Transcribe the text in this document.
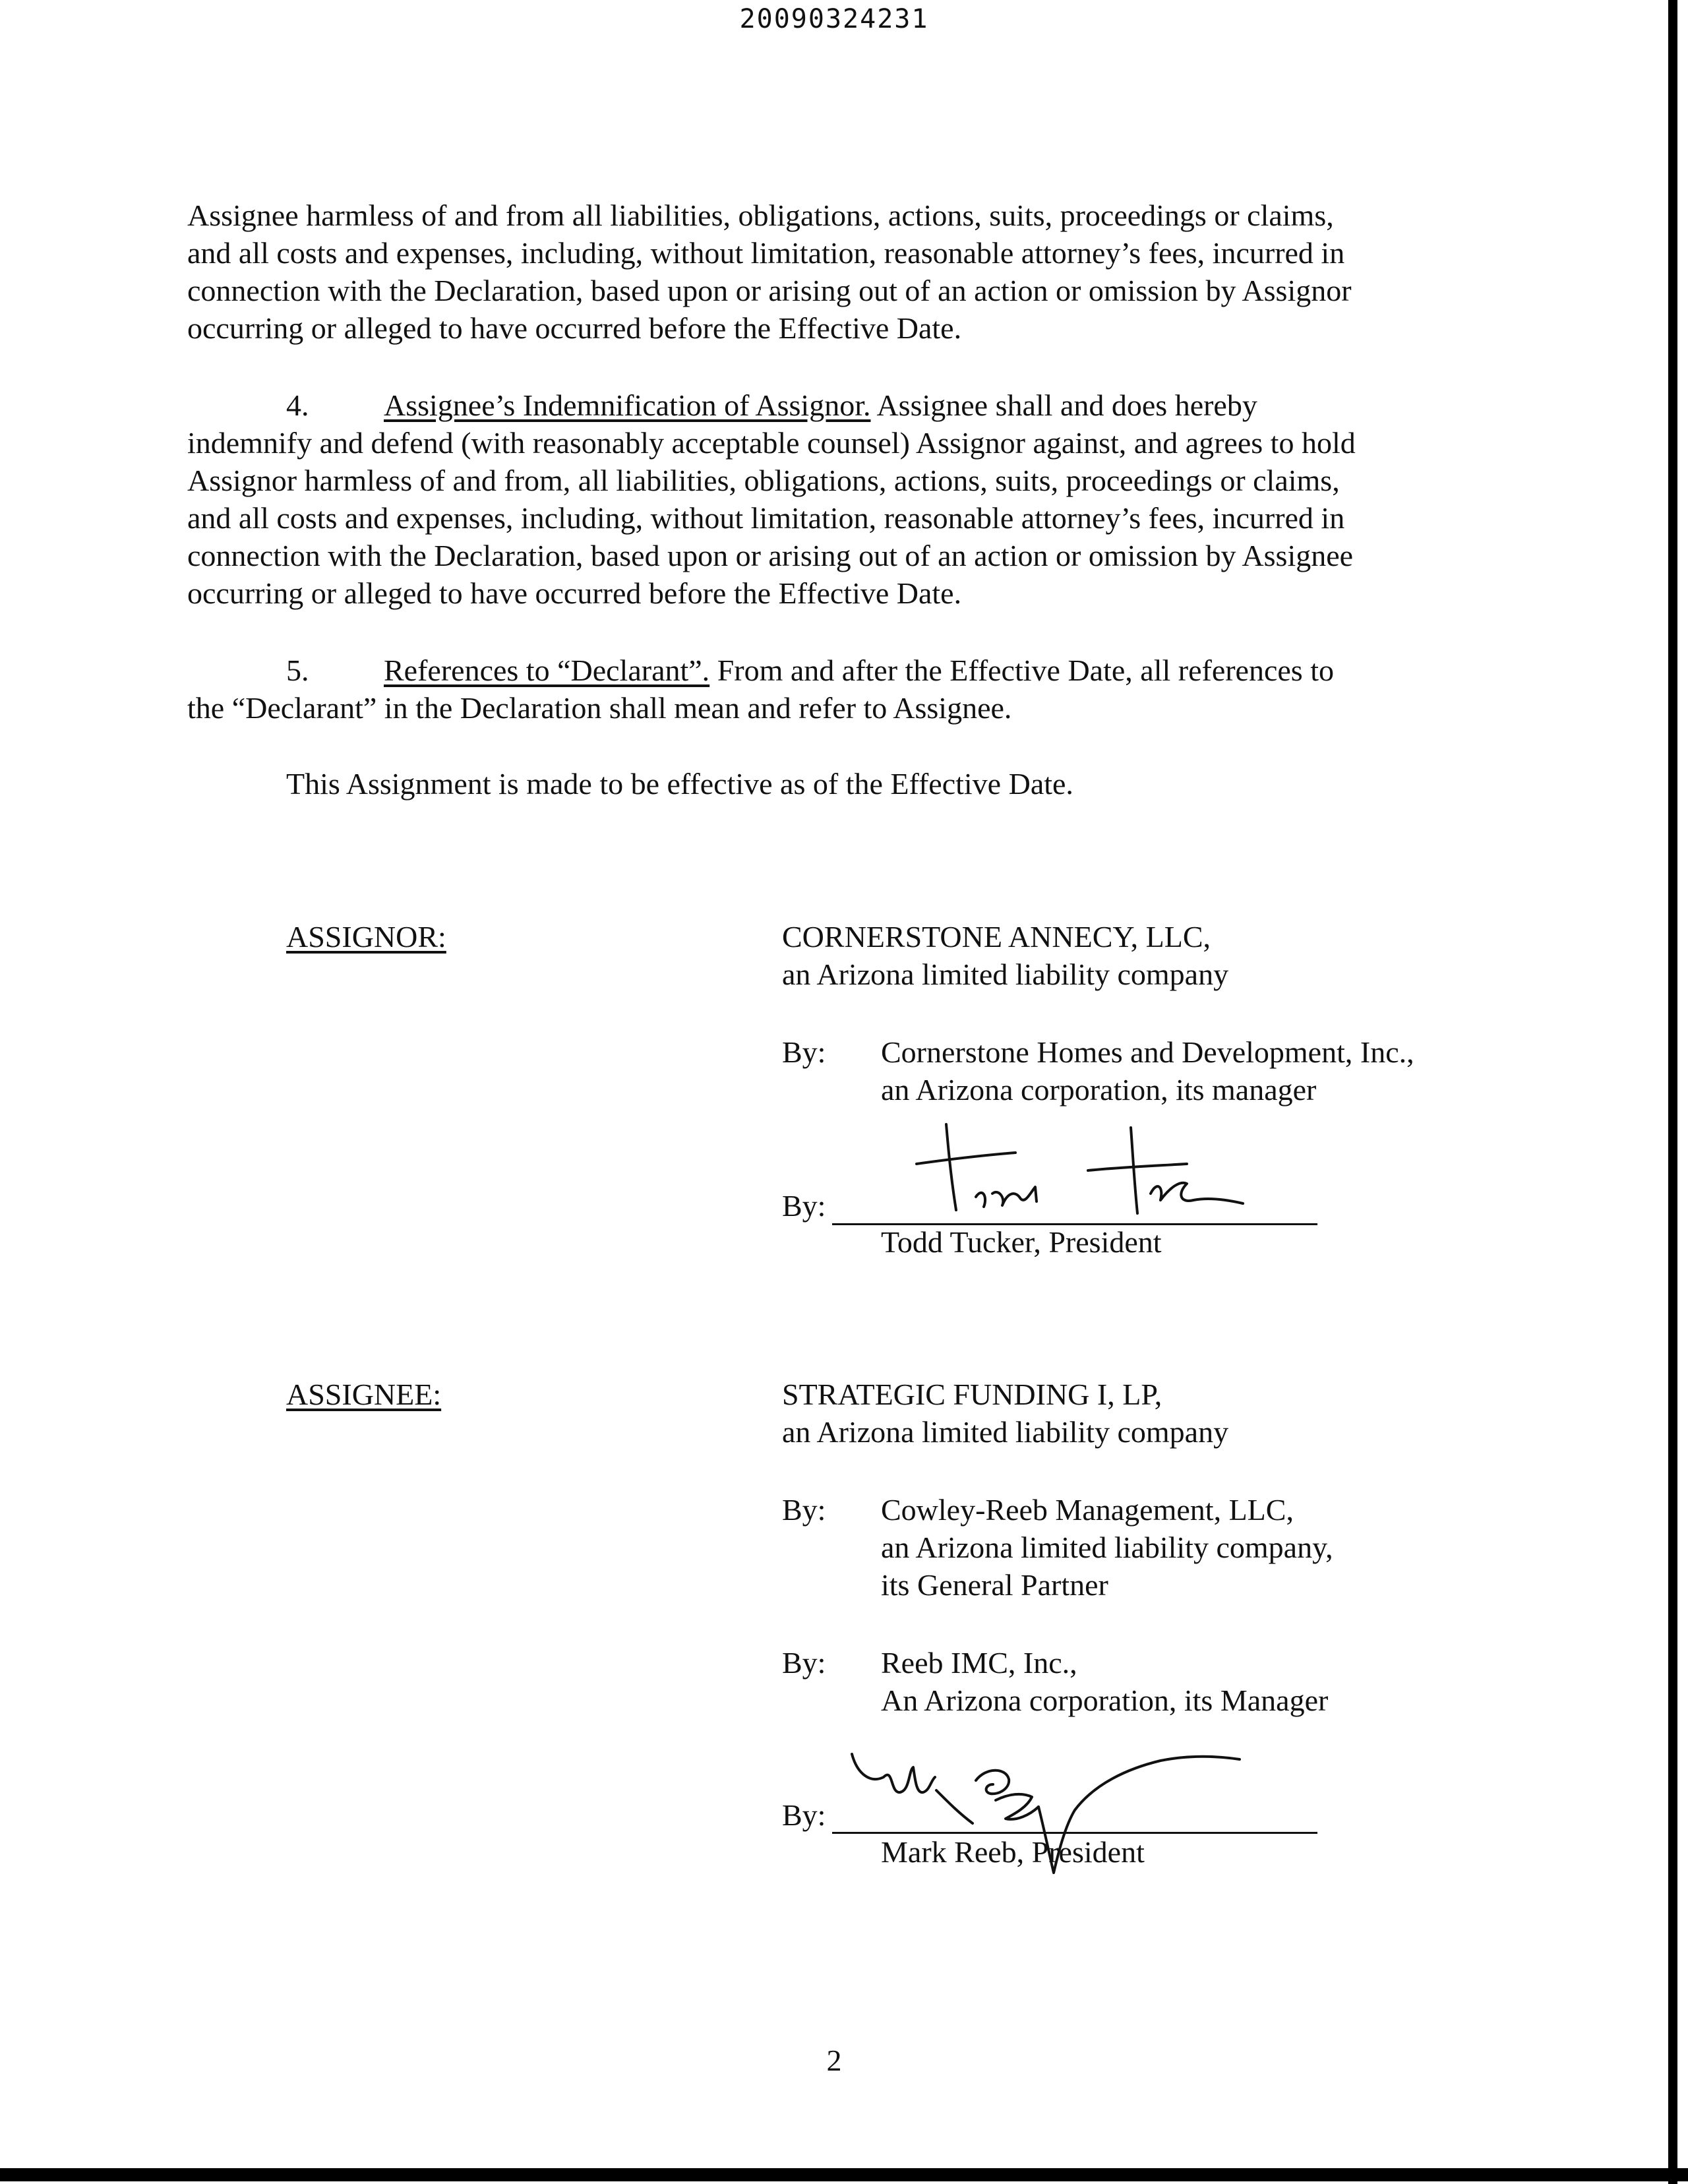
20090324231
Assignee harmless of and from all liabilities, obligations, actions, suits, proceedings or claims,
and all costs and expenses, including, without limitation, reasonable attorney’s fees, incurred in
connection with the Declaration, based upon or arising out of an action or omission by Assignor
occurring or alleged to have occurred before the Effective Date.
4. Assignee’s Indemnification of Assignor. Assignee shall and does hereby
indemnify and defend (with reasonably acceptable counsel) Assignor against, and agrees to hold
Assignor harmless of and from, all liabilities, obligations, actions, suits, proceedings or claims,
and all costs and expenses, including, without limitation, reasonable attorney’s fees, incurred in
connection with the Declaration, based upon or arising out of an action or omission by Assignee
occurring or alleged to have occurred before the Effective Date.
5. References to “Declarant”. From and after the Effective Date, all references to
the “Declarant” in the Declaration shall mean and refer to Assignee.
This Assignment is made to be effective as of the Effective Date.
ASSIGNOR:	CORNERSTONE ANNECY, LLC,
an Arizona limited liability company
By: Cornerstone Homes and Development, Inc.,
an Arizona corporation, its manager
By:
Todd Tucker, President
ASSIGNEE:	STRATEGIC FUNDING I, LP,
an Arizona limited liability company
By: Cowley-Reeb Management, LLC,
an Arizona limited liability company,
its General Partner
By: Reeb IMC, Inc.,
An Arizona corporation, its Manager
By:
Mark Reeb, President
2
